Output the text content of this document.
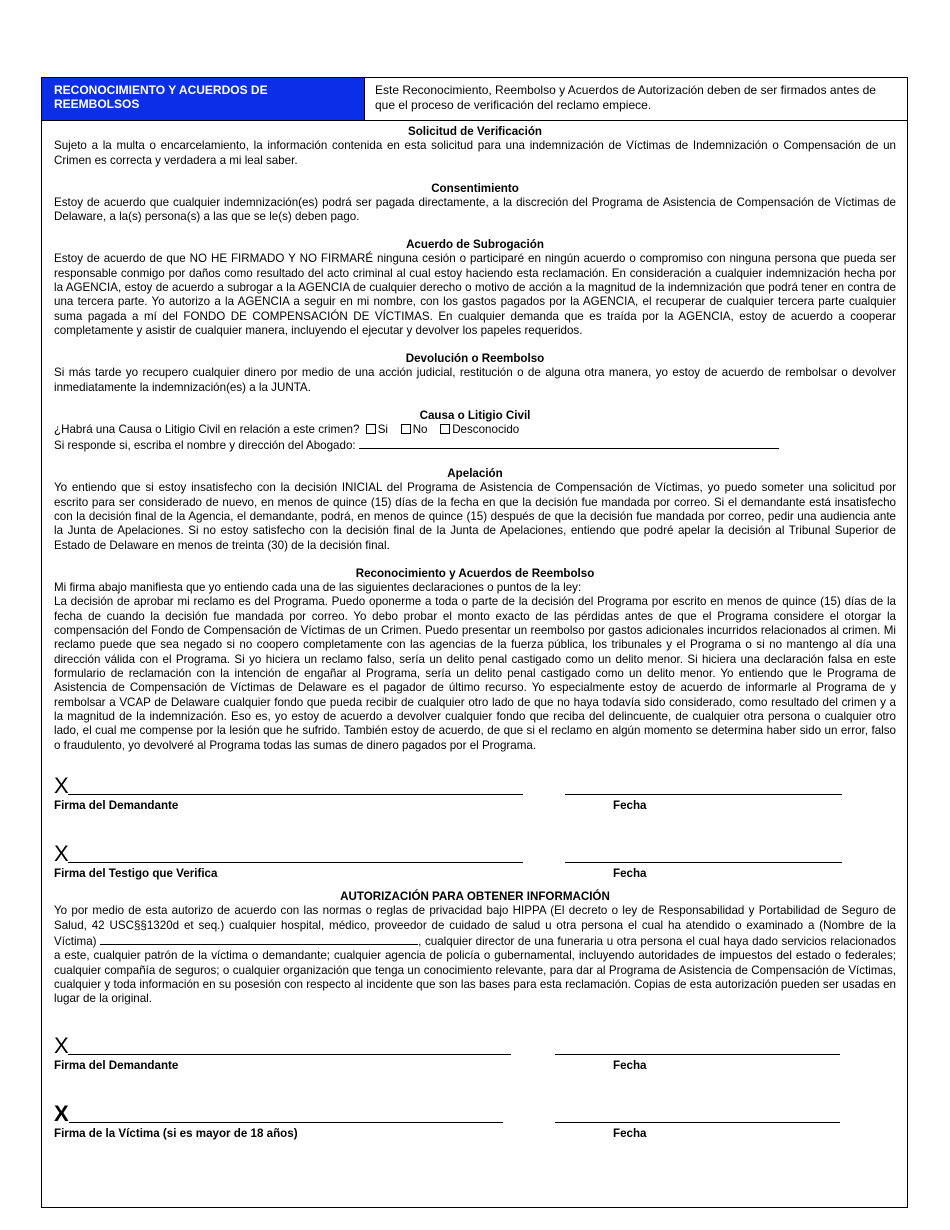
RECONOCIMIENTO Y ACUERDOS DE REEMBOLSOS
Este Reconocimiento, Reembolso y Acuerdos de Autorización deben de ser firmados antes de que el proceso de verificación del reclamo empiece.
Solicitud de Verificación
Sujeto a la multa o encarcelamiento, la información contenida en esta solicitud para una indemnización de Víctimas de Indemnización o Compensación de un Crimen es correcta y verdadera a mi leal saber.
Consentimiento
Estoy de acuerdo que cualquier indemnización(es) podrá ser pagada directamente, a la discreción del Programa de Asistencia de Compensación de Víctimas de Delaware, a la(s) persona(s) a las que se le(s) deben pago.
Acuerdo de Subrogación
Estoy de acuerdo de que NO HE FIRMADO Y NO FIRMARÉ ninguna cesión o participaré en ningún acuerdo o compromiso con ninguna persona que pueda ser responsable conmigo por daños como resultado del acto criminal al cual estoy haciendo esta reclamación. En consideración a cualquier indemnización hecha por la AGENCIA, estoy de acuerdo a subrogar a la AGENCIA de cualquier derecho o motivo de acción a la magnitud de la indemnización que podrá tener en contra de una tercera parte. Yo autorizo a la AGENCIA a seguir en mi nombre, con los gastos pagados por la AGENCIA, el recuperar de cualquier tercera parte cualquier suma pagada a mí del FONDO DE COMPENSACIÓN DE VÍCTIMAS. En cualquier demanda que es traída por la AGENCIA, estoy de acuerdo a cooperar completamente y asistir de cualquier manera, incluyendo el ejecutar y devolver los papeles requeridos.
Devolución o Reembolso
Si más tarde yo recupero cualquier dinero por medio de una acción judicial, restitución o de alguna otra manera, yo estoy de acuerdo de rembolsar o devolver inmediatamente la indemnización(es) a la JUNTA.
Causa o Litigio Civil
¿Habrá una Causa o Litigio Civil en relación a este crimen? Si No Desconocido
Si responde si, escriba el nombre y dirección del Abogado:
Apelación
Yo entiendo que si estoy insatisfecho con la decisión INICIAL del Programa de Asistencia de Compensación de Víctimas, yo puedo someter una solicitud por escrito para ser considerado de nuevo, en menos de quince (15) días de la fecha en que la decisión fue mandada por correo. Si el demandante está insatisfecho con la decisión final de la Agencia, el demandante, podrá, en menos de quince (15) después de que la decisión fue mandada por correo, pedir una audiencia ante la Junta de Apelaciones. Si no estoy satisfecho con la decisión final de la Junta de Apelaciones, entiendo que podré apelar la decisión al Tribunal Superior de Estado de Delaware en menos de treinta (30) de la decisión final.
Reconocimiento y Acuerdos de Reembolso
Mi firma abajo manifiesta que yo entiendo cada una de las siguientes declaraciones o puntos de la ley:
La decisión de aprobar mi reclamo es del Programa. Puedo oponerme a toda o parte de la decisión del Programa por escrito en menos de quince (15) días de la fecha de cuando la decisión fue mandada por correo. Yo debo probar el monto exacto de las pérdidas antes de que el Programa considere el otorgar la compensación del Fondo de Compensación de Víctimas de un Crimen. Puedo presentar un reembolso por gastos adicionales incurridos relacionados al crimen. Mi reclamo puede que sea negado si no coopero completamente con las agencias de la fuerza pública, los tribunales y el Programa o si no mantengo al día una dirección válida con el Programa. Si yo hiciera un reclamo falso, sería un delito penal castigado como un delito menor. Si hiciera una declaración falsa en este formulario de reclamación con la intención de engañar al Programa, sería un delito penal castigado como un delito menor. Yo entiendo que le Programa de Asistencia de Compensación de Víctimas de Delaware es el pagador de último recurso. Yo especialmente estoy de acuerdo de informarle al Programa de y rembolsar a VCAP de Delaware cualquier fondo que pueda recibir de cualquier otro lado de que no haya todavía sido considerado, como resultado del crimen y a la magnitud de la indemnización. Eso es, yo estoy de acuerdo a devolver cualquier fondo que reciba del delincuente, de cualquier otra persona o cualquier otro lado, el cual me compense por la lesión que he sufrido. También estoy de acuerdo, de que si el reclamo en algún momento se determina haber sido un error, falso o fraudulento, yo devolveré al Programa todas las sumas de dinero pagados por el Programa.
X
Firma del Demandante	Fecha
X
Firma del Testigo que Verifica	Fecha
AUTORIZACIÓN PARA OBTENER INFORMACIÓN
Yo por medio de esta autorizo de acuerdo con las normas o reglas de privacidad bajo HIPPA (El decreto o ley de Responsabilidad y Portabilidad de Seguro de Salud, 42 USC§§1320d et seq.) cualquier hospital, médico, proveedor de cuidado de salud u otra persona el cual ha atendido o examinado a (Nombre de la Víctima)	, cualquier director de una funeraria u otra persona el cual haya dado servicios relacionados a este, cualquier patrón de la víctima o demandante; cualquier agencia de policía o gubernamental, incluyendo autoridades de impuestos del estado o federales; cualquier compañía de seguros; o cualquier organización que tenga un conocimiento relevante, para dar al Programa de Asistencia de Compensación de Víctimas, cualquier y toda información en su posesión con respecto al incidente que son las bases para esta reclamación. Copias de esta autorización pueden ser usadas en lugar de la original.
X
Firma del Demandante	Fecha
X
Firma de la Víctima (si es mayor de 18 años)	Fecha
